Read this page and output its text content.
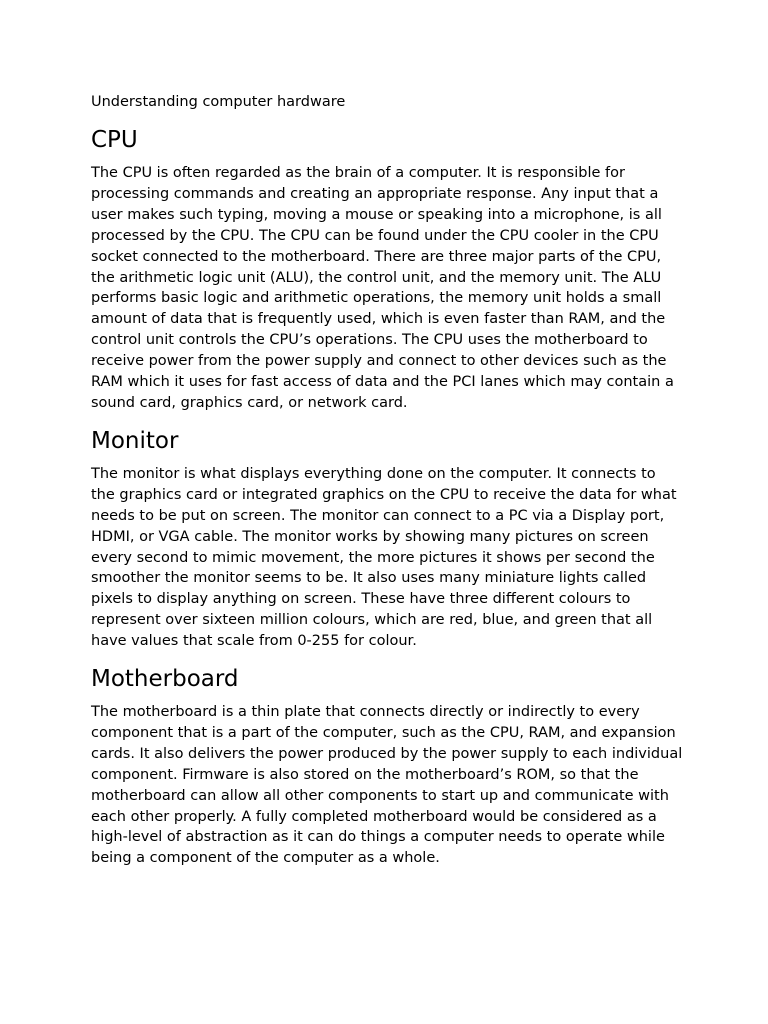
Understanding computer hardware
CPU

The CPU is often regarded as the brain of a computer. It is responsible for processing commands and creating an appropriate response. Any input that a user makes such typing, moving a mouse or speaking into a microphone, is all processed by the CPU. The CPU can be found under the CPU cooler in the CPU socket connected to the motherboard. There are three major parts of the CPU, the arithmetic logic unit (ALU), the control unit, and the memory unit. The ALU performs basic logic and arithmetic operations, the memory unit holds a small amount of data that is frequently used, which is even faster than RAM, and the control unit controls the CPU’s operations. The CPU uses the motherboard to receive power from the power supply and connect to other devices such as the RAM which it uses for fast access of data and the PCI lanes which may contain a sound card, graphics card, or network card.

Monitor

The monitor is what displays everything done on the computer. It connects to the graphics card or integrated graphics on the CPU to receive the data for what needs to be put on screen. The monitor can connect to a PC via a Display port, HDMI, or VGA cable. The monitor works by showing many pictures on screen every second to mimic movement, the more pictures it shows per second the smoother the monitor seems to be. It also uses many miniature lights called pixels to display anything on screen. These have three different colours to represent over sixteen million colours, which are red, blue, and green that all have values that scale from 0-255 for colour.

Motherboard

The motherboard is a thin plate that connects directly or indirectly to every component that is a part of the computer, such as the CPU, RAM, and expansion cards. It also delivers the power produced by the power supply to each individual component. Firmware is also stored on the motherboard’s ROM, so that the motherboard can allow all other components to start up and communicate with each other properly. A fully completed motherboard would be considered as a high-level of abstraction as it can do things a computer needs to operate while being a component of the computer as a whole.
